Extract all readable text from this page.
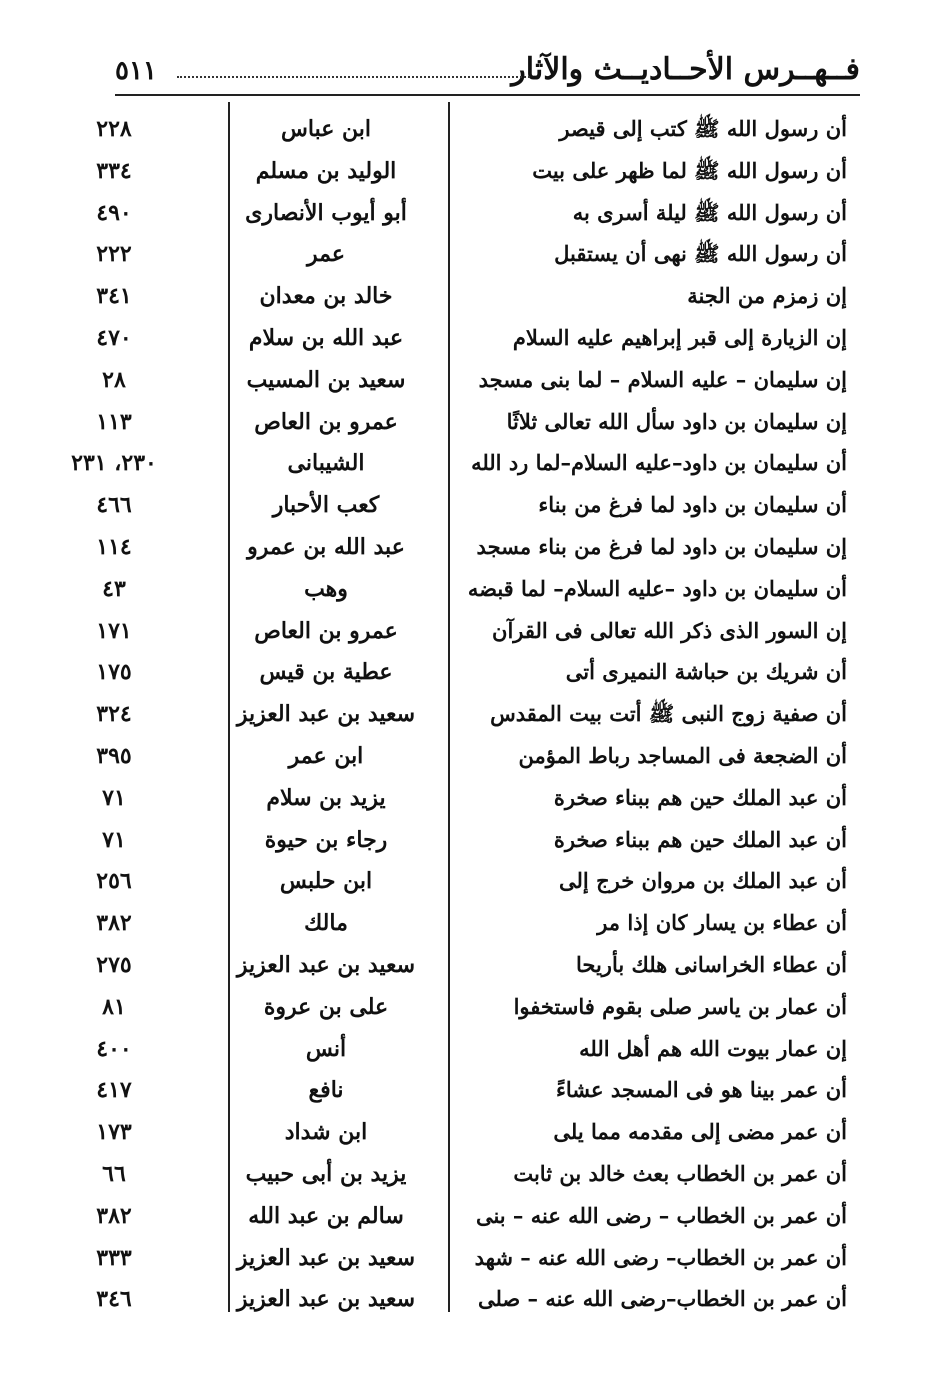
فــهــرس الأحــاديــث والآثار
٥١١
أن رسول الله ﷺ كتب إلى قيصر
ابن عباس
٢٢٨
أن رسول الله ﷺ لما ظهر على بيت
الوليد بن مسلم
٣٣٤
أن رسول الله ﷺ ليلة أسرى به
أبو أيوب الأنصارى
٤٩٠
أن رسول الله ﷺ نهى أن يستقبل
عمر
٢٢٢
إن زمزم من الجنة
خالد بن معدان
٣٤١
إن الزيارة إلى قبر إبراهيم عليه السلام
عبد الله بن سلام
٤٧٠
إن سليمان – عليه السلام – لما بنى مسجد
سعيد بن المسيب
٢٨
إن سليمان بن داود سأل الله تعالى ثلاثًا
عمرو بن العاص
١١٣
أن سليمان بن داود–عليه السلام–لما رد الله
الشيبانى
٢٣٠، ٢٣١
أن سليمان بن داود لما فرغ من بناء
كعب الأحبار
٤٦٦
إن سليمان بن داود لما فرغ من بناء مسجد
عبد الله بن عمرو
١١٤
أن سليمان بن داود –عليه السلام– لما قبضه
وهب
٤٣
إن السور الذى ذكر الله تعالى فى القرآن
عمرو بن العاص
١٧١
أن شريك بن حباشة النميرى أتى
عطية بن قيس
١٧٥
أن صفية زوج النبى ﷺ أتت بيت المقدس
سعيد بن عبد العزيز
٣٢٤
أن الضجعة فى المساجد رباط المؤمن
ابن عمر
٣٩٥
أن عبد الملك حين هم ببناء صخرة
يزيد بن سلام
٧١
أن عبد الملك حين هم ببناء صخرة
رجاء بن حيوة
٧١
أن عبد الملك بن مروان خرج إلى
ابن حلبس
٢٥٦
أن عطاء بن يسار كان إذا مر
مالك
٣٨٢
أن عطاء الخراسانى هلك بأريحا
سعيد بن عبد العزيز
٢٧٥
أن عمار بن ياسر صلى بقوم فاستخفوا
على بن عروة
٨١
إن عمار بيوت الله هم أهل الله
أنس
٤٠٠
أن عمر بينا هو فى المسجد عشاءً
نافع
٤١٧
أن عمر مضى إلى مقدمه مما يلى
ابن شداد
١٧٣
أن عمر بن الخطاب بعث خالد بن ثابت
يزيد بن أبى حبيب
٦٦
أن عمر بن الخطاب – رضى الله عنه – بنى
سالم بن عبد الله
٣٨٢
أن عمر بن الخطاب– رضى الله عنه – شهد
سعيد بن عبد العزيز
٣٣٣
أن عمر بن الخطاب–رضى الله عنه – صلى
سعيد بن عبد العزيز
٣٤٦
